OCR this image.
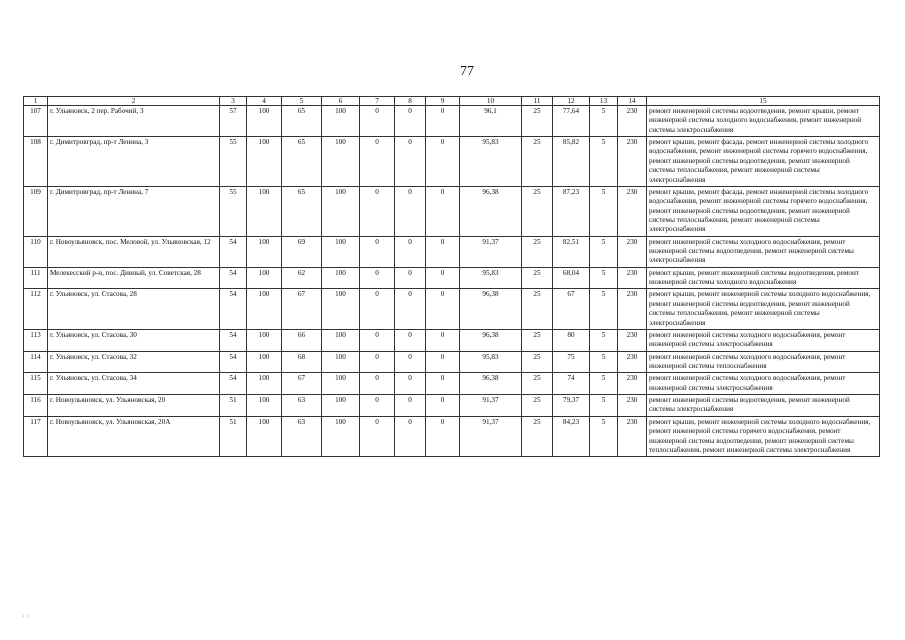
77
1	2	3	4	5	6	7	8	9	10	11	12	13	14	15
107	г. Ульяновск, 2 пер. Рабочий, 3	57	100	65	100	0	0	0	96,1	25	77,64	5	230	ремонт инженерной системы водоотведения, ремонт крыши, ремонт инженерной системы холодного водоснабжения, ремонт инженерной системы электроснабжения
108	г. Димитровград, пр-т Ленина, 3	55	100	65	100	0	0	0	95,83	25	85,82	5	230	ремонт крыши, ремонт фасада, ремонт инженерной системы холодного водоснабжения, ремонт инженерной системы горячего водоснабжения, ремонт инженерной системы водоотведения, ремонт инженерной системы теплоснабжения, ремонт инженерной системы электроснабжения
109	г. Димитровград, пр-т Ленина, 7	55	100	65	100	0	0	0	96,38	25	87,23	5	230	ремонт крыши, ремонт фасада, ремонт инженерной системы холодного водоснабжения, ремонт инженерной системы горячего водоснабжения, ремонт инженерной системы водоотведения, ремонт инженерной системы теплоснабжения, ремонт инженерной системы электроснабжения
110	г. Новоульяновск, пос. Меловой, ул. Ульяновская, 12	54	100	69	100	0	0	0	91,37	25	82,51	5	230	ремонт инженерной системы холодного водоснабжения, ремонт инженерной системы водоотведения, ремонт инженерной системы электроснабжения
111	Мелекесский р-н, пос. Дивный, ул. Советская, 28	54	100	62	100	0	0	0	95,83	25	68,04	5	230	ремонт крыши, ремонт инженерной системы водоотведения, ремонт инженерной системы холодного водоснабжения
112	г. Ульяновск, ул. Стасова, 28	54	100	67	100	0	0	0	96,38	25	67	5	230	ремонт крыши, ремонт инженерной системы холодного водоснабжения, ремонт инженерной системы водоотведения, ремонт инженерной системы теплоснабжения, ремонт инженерной системы электроснабжения
113	г. Ульяновск, ул. Стасова, 30	54	100	66	100	0	0	0	96,38	25	80	5	230	ремонт инженерной системы холодного водоснабжения, ремонт инженерной системы электроснабжения
114	г. Ульяновск, ул. Стасова, 32	54	100	68	100	0	0	0	95,83	25	75	5	230	ремонт инженерной системы холодного водоснабжения, ремонт инженерной системы теплоснабжения
115	г. Ульяновск, ул. Стасова, 34	54	100	67	100	0	0	0	96,38	25	74	5	230	ремонт инженерной системы холодного водоснабжения, ремонт инженерной системы электроснабжения
116	г. Новоульяновск, ул. Ульяновская, 20	51	100	63	100	0	0	0	91,37	25	79,37	5	230	ремонт инженерной системы водоотведения, ремонт инженерной системы электроснабжения
117	г. Новоульяновск, ул. Ульяновская, 20А	51	100	63	100	0	0	0	91,37	25	84,23	5	230	ремонт крыши, ремонт инженерной системы холодного водоснабжения, ремонт инженерной системы горячего водоснабжения, ремонт инженерной системы водоотведения, ремонт инженерной системы теплоснабжения, ремонт инженерной системы электроснабжения
· ·
